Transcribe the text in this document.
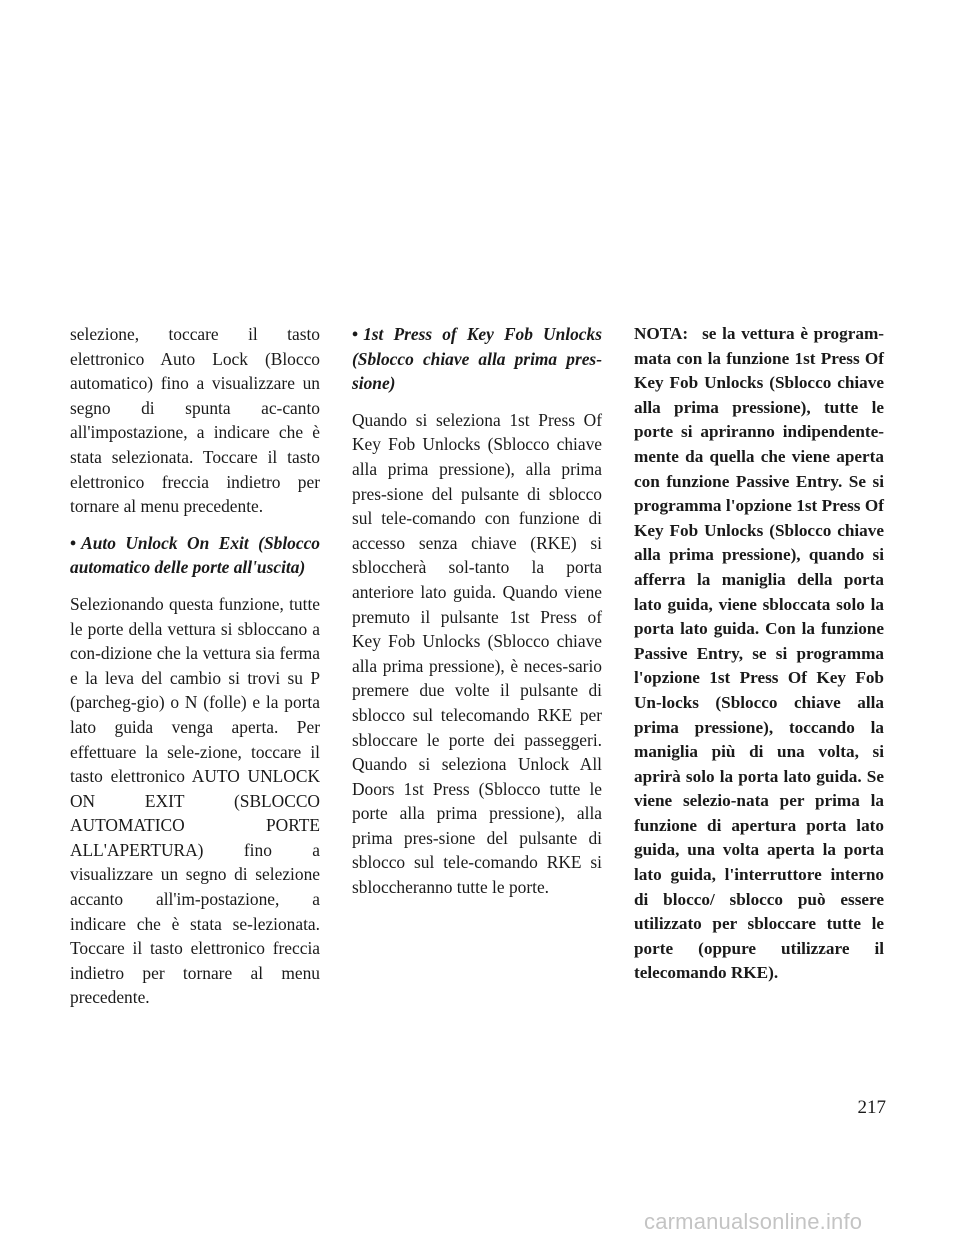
selezione, toccare il tasto elettronico Auto Lock (Blocco automatico) fino a visualizzare un segno di spunta ac-canto all'impostazione, a indicare che è stata selezionata. Toccare il tasto elettronico freccia indietro per tornare al menu precedente.

• Auto Unlock On Exit (Sblocco automatico delle porte all'uscita)

Selezionando questa funzione, tutte le porte della vettura si sbloccano a con-dizione che la vettura sia ferma e la leva del cambio si trovi su P (parcheg-gio) o N (folle) e la porta lato guida venga aperta. Per effettuare la sele-zione, toccare il tasto elettronico AUTO UNLOCK ON EXIT (SBLOCCO AUTOMATICO PORTE ALL'APERTURA) fino a visualizzare un segno di selezione accanto all'im-postazione, a indicare che è stata se-lezionata. Toccare il tasto elettronico freccia indietro per tornare al menu precedente.

• 1st Press of Key Fob Unlocks (Sblocco chiave alla prima pres-sione)

Quando si seleziona 1st Press Of Key Fob Unlocks (Sblocco chiave alla prima pressione), alla prima pres-sione del pulsante di sblocco sul tele-comando con funzione di accesso senza chiave (RKE) si sbloccherà sol-tanto la porta anteriore lato guida. Quando viene premuto il pulsante 1st Press of Key Fob Unlocks (Sblocco chiave alla prima pressione), è neces-sario premere due volte il pulsante di sblocco sul telecomando RKE per sbloccare le porte dei passeggeri. Quando si seleziona Unlock All Doors 1st Press (Sblocco tutte le porte alla prima pressione), alla prima pres-sione del pulsante di sblocco sul tele-comando RKE si sbloccheranno tutte le porte.

NOTA: se la vettura è program-mata con la funzione 1st Press Of Key Fob Unlocks (Sblocco chiave alla prima pressione), tutte le porte si apriranno indipendente-mente da quella che viene aperta con funzione Passive Entry. Se si programma l'opzione 1st Press Of Key Fob Unlocks (Sblocco chiave alla prima pressione), quando si afferra la maniglia della porta lato guida, viene sbloccata solo la porta lato guida. Con la funzione Passive Entry, se si programma l'opzione 1st Press Of Key Fob Un-locks (Sblocco chiave alla prima pressione), toccando la maniglia più di una volta, si aprirà solo la porta lato guida. Se viene selezio-nata per prima la funzione di apertura porta lato guida, una volta aperta la porta lato guida, l'interruttore interno di blocco/ sblocco può essere utilizzato per sbloccare tutte le porte (oppure utilizzare il telecomando RKE).

217
carmanualsonline.info
